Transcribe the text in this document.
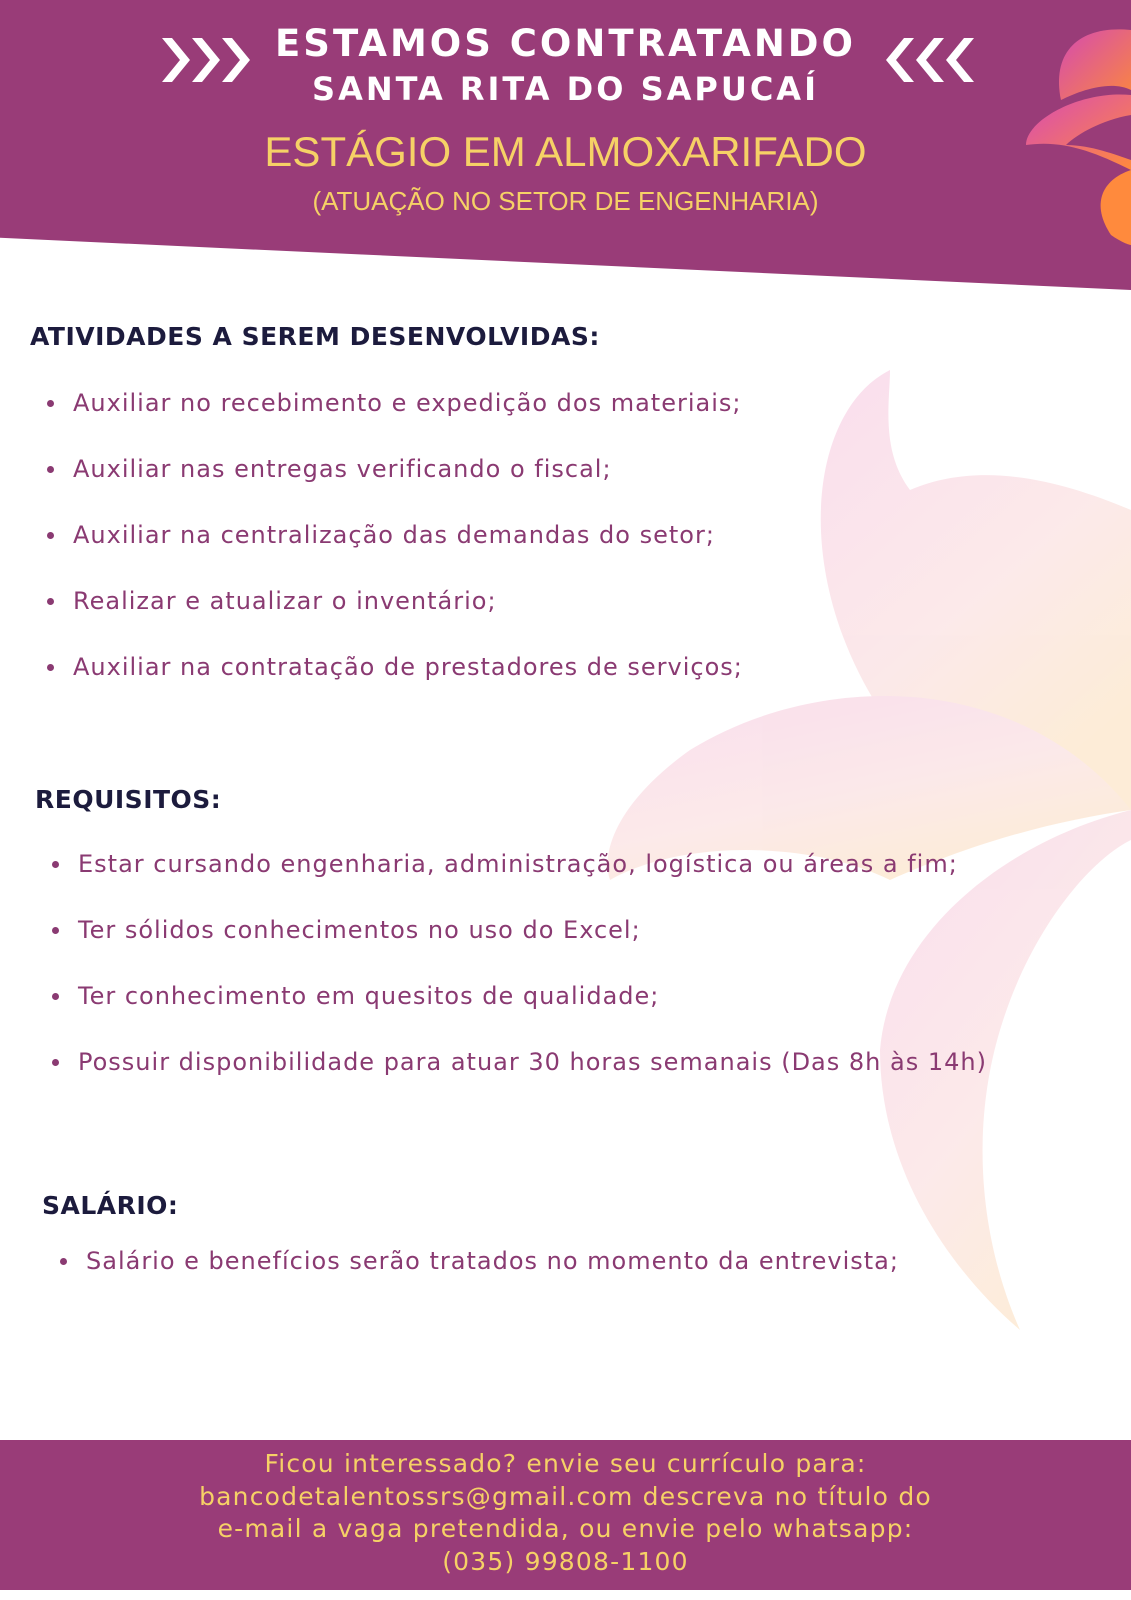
ESTAMOS CONTRATANDO
SANTA RITA DO SAPUCAÍ
ESTÁGIO EM ALMOXARIFADO
(ATUAÇÃO NO SETOR DE ENGENHARIA)
ATIVIDADES A SEREM DESENVOLVIDAS:
Auxiliar no recebimento e expedição dos materiais;
Auxiliar nas entregas verificando o fiscal;
Auxiliar na centralização das demandas do setor;
Realizar e atualizar o inventário;
Auxiliar na contratação de prestadores de serviços;
REQUISITOS:
Estar cursando engenharia, administração, logística ou áreas a fim;
Ter sólidos conhecimentos no uso do Excel;
Ter conhecimento em quesitos de qualidade;
Possuir disponibilidade para atuar 30 horas semanais (Das 8h às 14h)
SALÁRIO:
Salário e benefícios serão tratados no momento da entrevista;
Ficou interessado? envie seu currículo para:
bancodetalentossrs@gmail.com descreva no título do
e-mail a vaga pretendida, ou envie pelo whatsapp:
(035) 99808-1100
